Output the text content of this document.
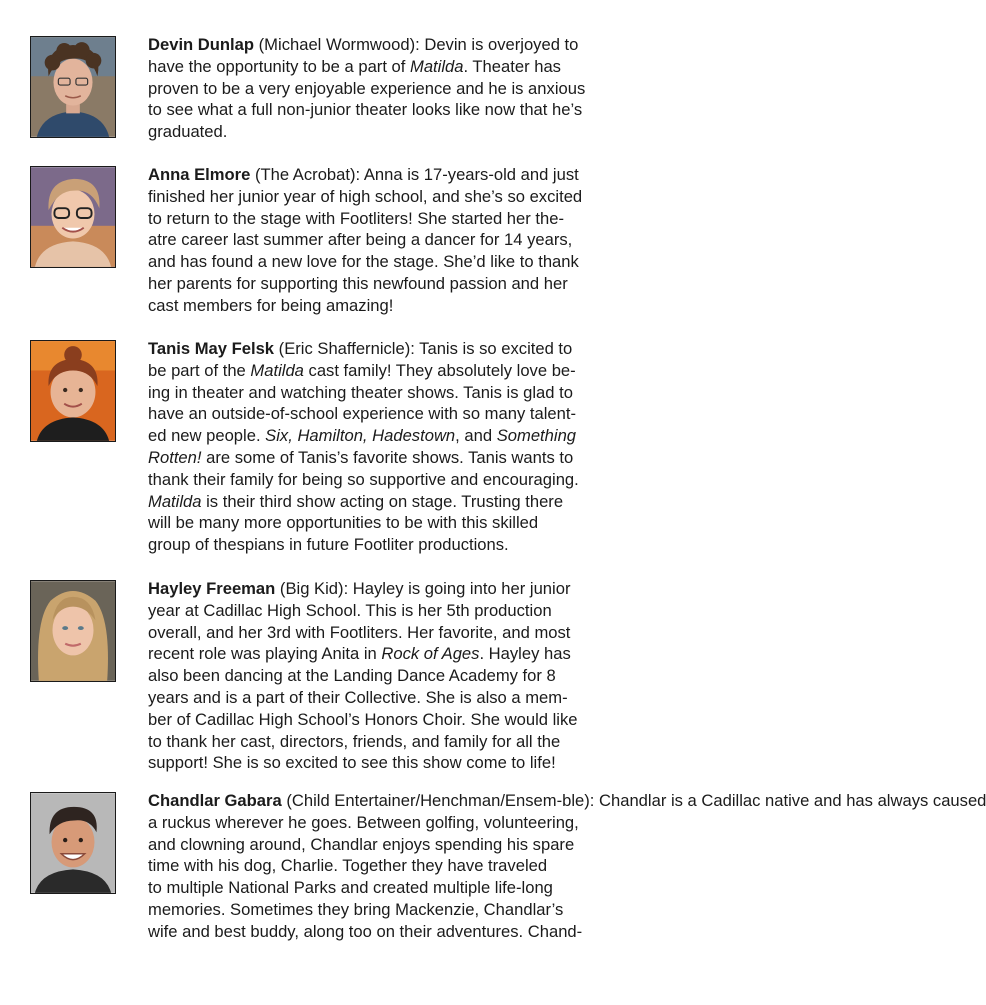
Devin Dunlap (Michael Wormwood): Devin is overjoyed to
have the opportunity to be a part of Matilda. Theater has
proven to be a very enjoyable experience and he is anxious
to see what a full non-junior theater looks like now that he’s
graduated.
Anna Elmore (The Acrobat): Anna is 17-years-old and just
finished her junior year of high school, and she’s so excited
to return to the stage with Footliters! She started her the-
atre career last summer after being a dancer for 14 years,
and has found a new love for the stage. She’d like to thank
her parents for supporting this newfound passion and her
cast members for being amazing!
Tanis May Felsk (Eric Shaffernicle): Tanis is so excited to
be part of the Matilda cast family! They absolutely love be-
ing in theater and watching theater shows. Tanis is glad to
have an outside-of-school experience with so many talent-
ed new people. Six, Hamilton, Hadestown, and Something
Rotten! are some of Tanis’s favorite shows. Tanis wants to
thank their family for being so supportive and encouraging.
Matilda is their third show acting on stage. Trusting there
will be many more opportunities to be with this skilled
group of thespians in future Footliter productions.
Hayley Freeman (Big Kid): Hayley is going into her junior
year at Cadillac High School. This is her 5th production
overall, and her 3rd with Footliters. Her favorite, and most
recent role was playing Anita in Rock of Ages. Hayley has
also been dancing at the Landing Dance Academy for 8
years and is a part of their Collective. She is also a mem-
ber of Cadillac High School’s Honors Choir. She would like
to thank her cast, directors, friends, and family for all the
support! She is so excited to see this show come to life!
Chandlar Gabara (Child Entertainer/Henchman/Ensem-ble): Chandlar is a Cadillac native and has always caused
a ruckus wherever he goes. Between golfing, volunteering,
and clowning around, Chandlar enjoys spending his spare
time with his dog, Charlie. Together they have traveled
to multiple National Parks and created multiple life-long
memories. Sometimes they bring Mackenzie, Chandlar’s
wife and best buddy, along too on their adventures. Chand-
